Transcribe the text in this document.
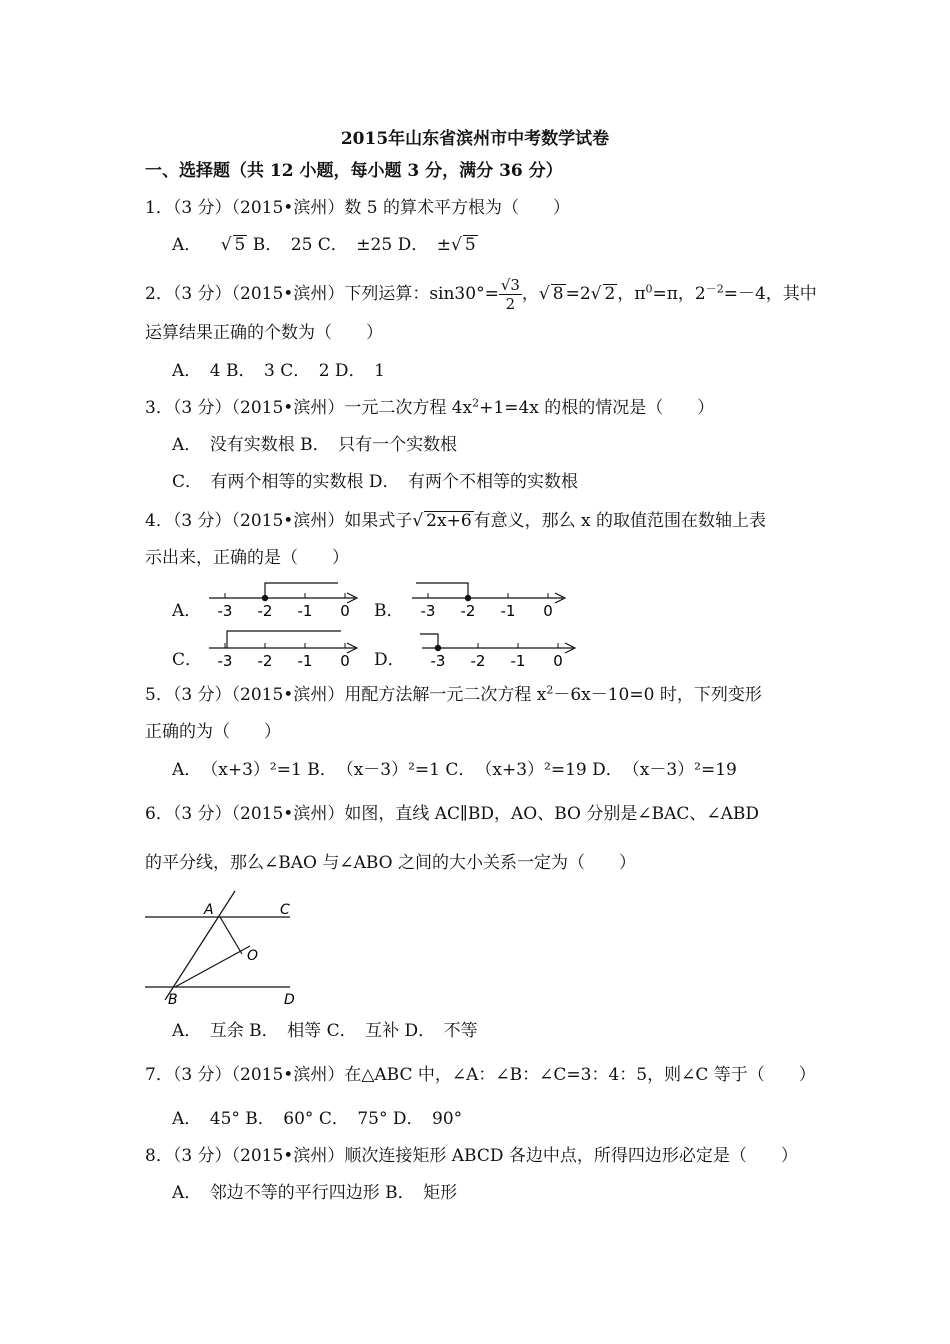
2015年山东省滨州市中考数学试卷
一、选择题（共 12 小题，每小题 3 分，满分 36 分）
1．（3 分）（2015•滨州）数 5 的算术平方根为（　　）
A． √ 5 B．　25 C．　±25 D．　±√ 5
2．（3 分）（2015•滨州）下列运算：$\sin 30^\circ= \frac{√3}{2}$ ，√ 8 =2√ 2 ，$\pi^0=\pi$，$2^{-2}=-4$，其中
运算结果正确的个数为（　　）
A．　4 B．　3 C．　2 D．　1
3．（3 分）（2015•滨州）一元二次方程 $4x^2+1=4x$ 的根的情况是（　　）
A．　没有实数根 B．　只有一个实数根
C．　有两个相等的实数根 D．　有两个不相等的实数根
4．（3 分）（2015•滨州）如果式子√ 2x+6 有意义，那么 x 的取值范围在数轴上表
示出来，正确的是（　　）
A．	B．
C．	D．
-3 -2 -1 0	-3 -2 -1 0
-3 -2 -1 0	-3 -2 -1 0
5．（3 分）（2015•滨州）用配方法解一元二次方程 $x^2-6x-10=0$ 时，下列变形
正确的为（　　）
A．　（x+3）²=1 B．　（x－3）²=1 C．　（x+3）²=19 D．　（x－3）²=19
6．（3 分）（2015•滨州）如图，直线 AC∥BD，AO、BO 分别是∠BAC、∠ABD
的平分线，那么∠BAO 与∠ABO 之间的大小关系一定为（　　）
A	C
O
B	D
A．　互余 B．　相等 C．　互补 D．　不等
7．（3 分）（2015•滨州）在△ABC 中，∠A：∠B：∠C=3：4：5，则∠C 等于（　　）
A．　45° B．　60° C．　75° D．　90°
8．（3 分）（2015•滨州）顺次连接矩形 ABCD 各边中点，所得四边形必定是（　　）
A．　邻边不等的平行四边形 B．　矩形
